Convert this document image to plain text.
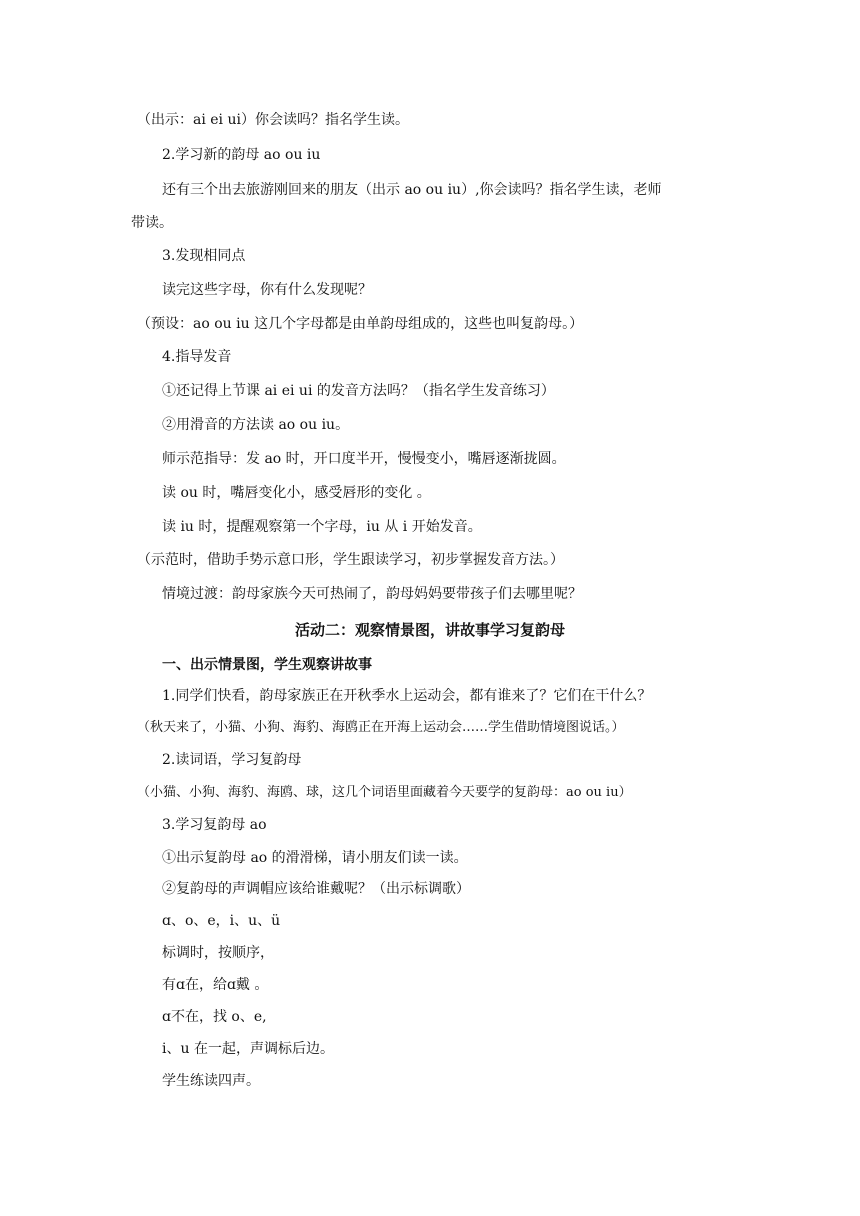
（出示：ai ei ui）你会读吗？指名学生读。
2.学习新的韵母 ao ou iu
还有三个出去旅游刚回来的朋友（出示 ao ou iu）,你会读吗？指名学生读，老师
带读。
3.发现相同点
读完这些字母，你有什么发现呢？
（预设：ao ou iu 这几个字母都是由单韵母组成的，这些也叫复韵母。）
4.指导发音
①还记得上节课 ai ei ui 的发音方法吗？（指名学生发音练习）
②用滑音的方法读 ao ou iu。
师示范指导：发 ao 时，开口度半开，慢慢变小，嘴唇逐渐拢圆。
读 ou 时，嘴唇变化小，感受唇形的变化 。
读 iu 时，提醒观察第一个字母，iu 从 i 开始发音。
（示范时，借助手势示意口形，学生跟读学习，初步掌握发音方法。）
情境过渡：韵母家族今天可热闹了，韵母妈妈要带孩子们去哪里呢？
活动二：观察情景图，讲故事学习复韵母
一、出示情景图，学生观察讲故事
1.同学们快看，韵母家族正在开秋季水上运动会，都有谁来了？它们在干什么？
（秋天来了，小猫、小狗、海豹、海鸥正在开海上运动会……学生借助情境图说话。）
2.读词语，学习复韵母
（小猫、小狗、海豹、海鸥、球，这几个词语里面藏着今天要学的复韵母：ao ou iu）
3.学习复韵母 ao
①出示复韵母 ao 的滑滑梯，请小朋友们读一读。
②复韵母的声调帽应该给谁戴呢？（出示标调歌）
ɑ、o、e，i、u、ü
标调时，按顺序，
有ɑ在，给ɑ戴 。
ɑ不在，找 o、e,
i、u 在一起，声调标后边。
学生练读四声。
